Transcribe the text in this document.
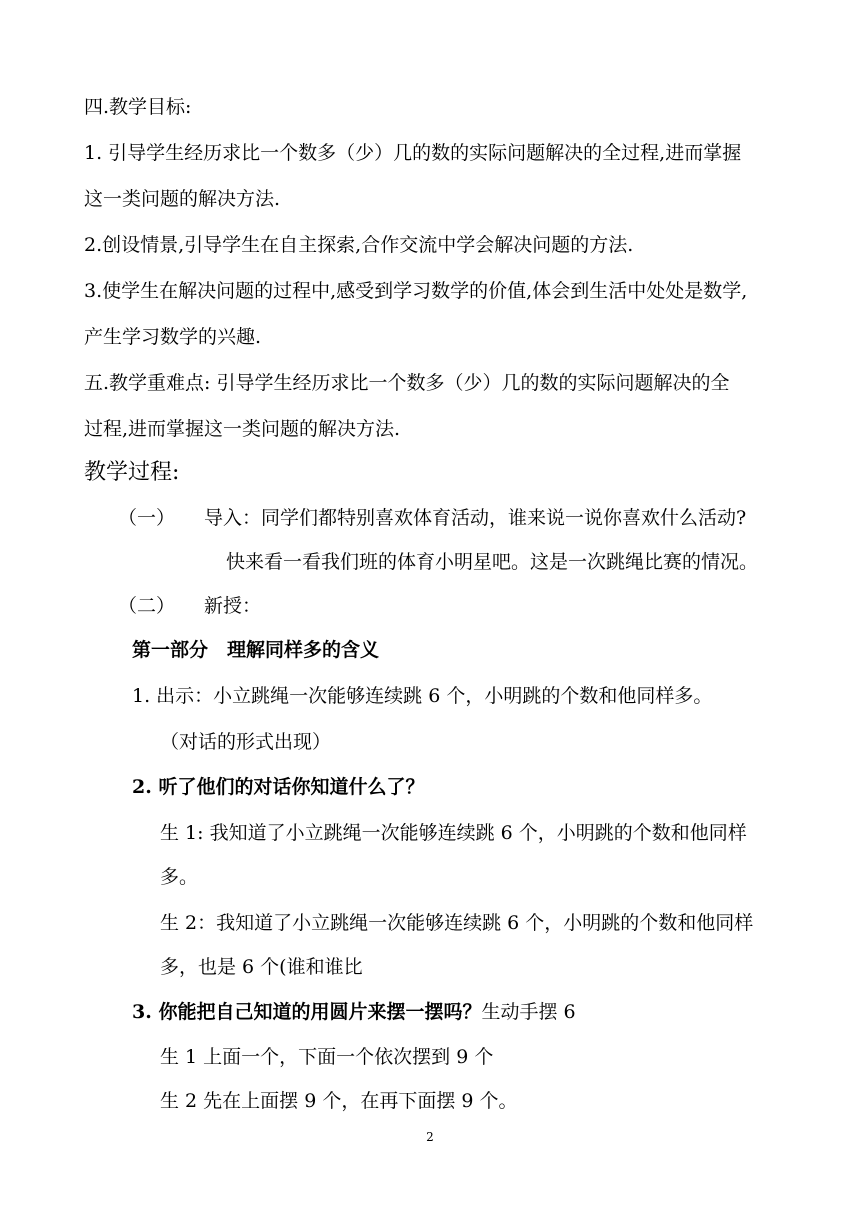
四.教学目标:
1. 引导学生经历求比一个数多（少）几的数的实际问题解决的全过程,进而掌握
这一类问题的解决方法.
2.创设情景,引导学生在自主探索,合作交流中学会解决问题的方法.
3.使学生在解决问题的过程中,感受到学习数学的价值,体会到生活中处处是数学,
产生学习数学的兴趣.
五.教学重难点: 引导学生经历求比一个数多（少）几的数的实际问题解决的全
过程,进而掌握这一类问题的解决方法.
教学过程:
（一） 导入：同学们都特别喜欢体育活动，谁来说一说你喜欢什么活动?
快来看一看我们班的体育小明星吧。这是一次跳绳比赛的情况。
（二） 新授：
第一部分　理解同样多的含义
1. 出示：小立跳绳一次能够连续跳 6 个，小明跳的个数和他同样多。
（对话的形式出现）
2. 听了他们的对话你知道什么了？
生 1: 我知道了小立跳绳一次能够连续跳 6 个，小明跳的个数和他同样
多。
生 2：我知道了小立跳绳一次能够连续跳 6 个，小明跳的个数和他同样
多，也是 6 个(谁和谁比
3. 你能把自己知道的用圆片来摆一摆吗？生动手摆 6
生 1 上面一个，下面一个依次摆到 9 个
生 2 先在上面摆 9 个，在再下面摆 9 个。
2
